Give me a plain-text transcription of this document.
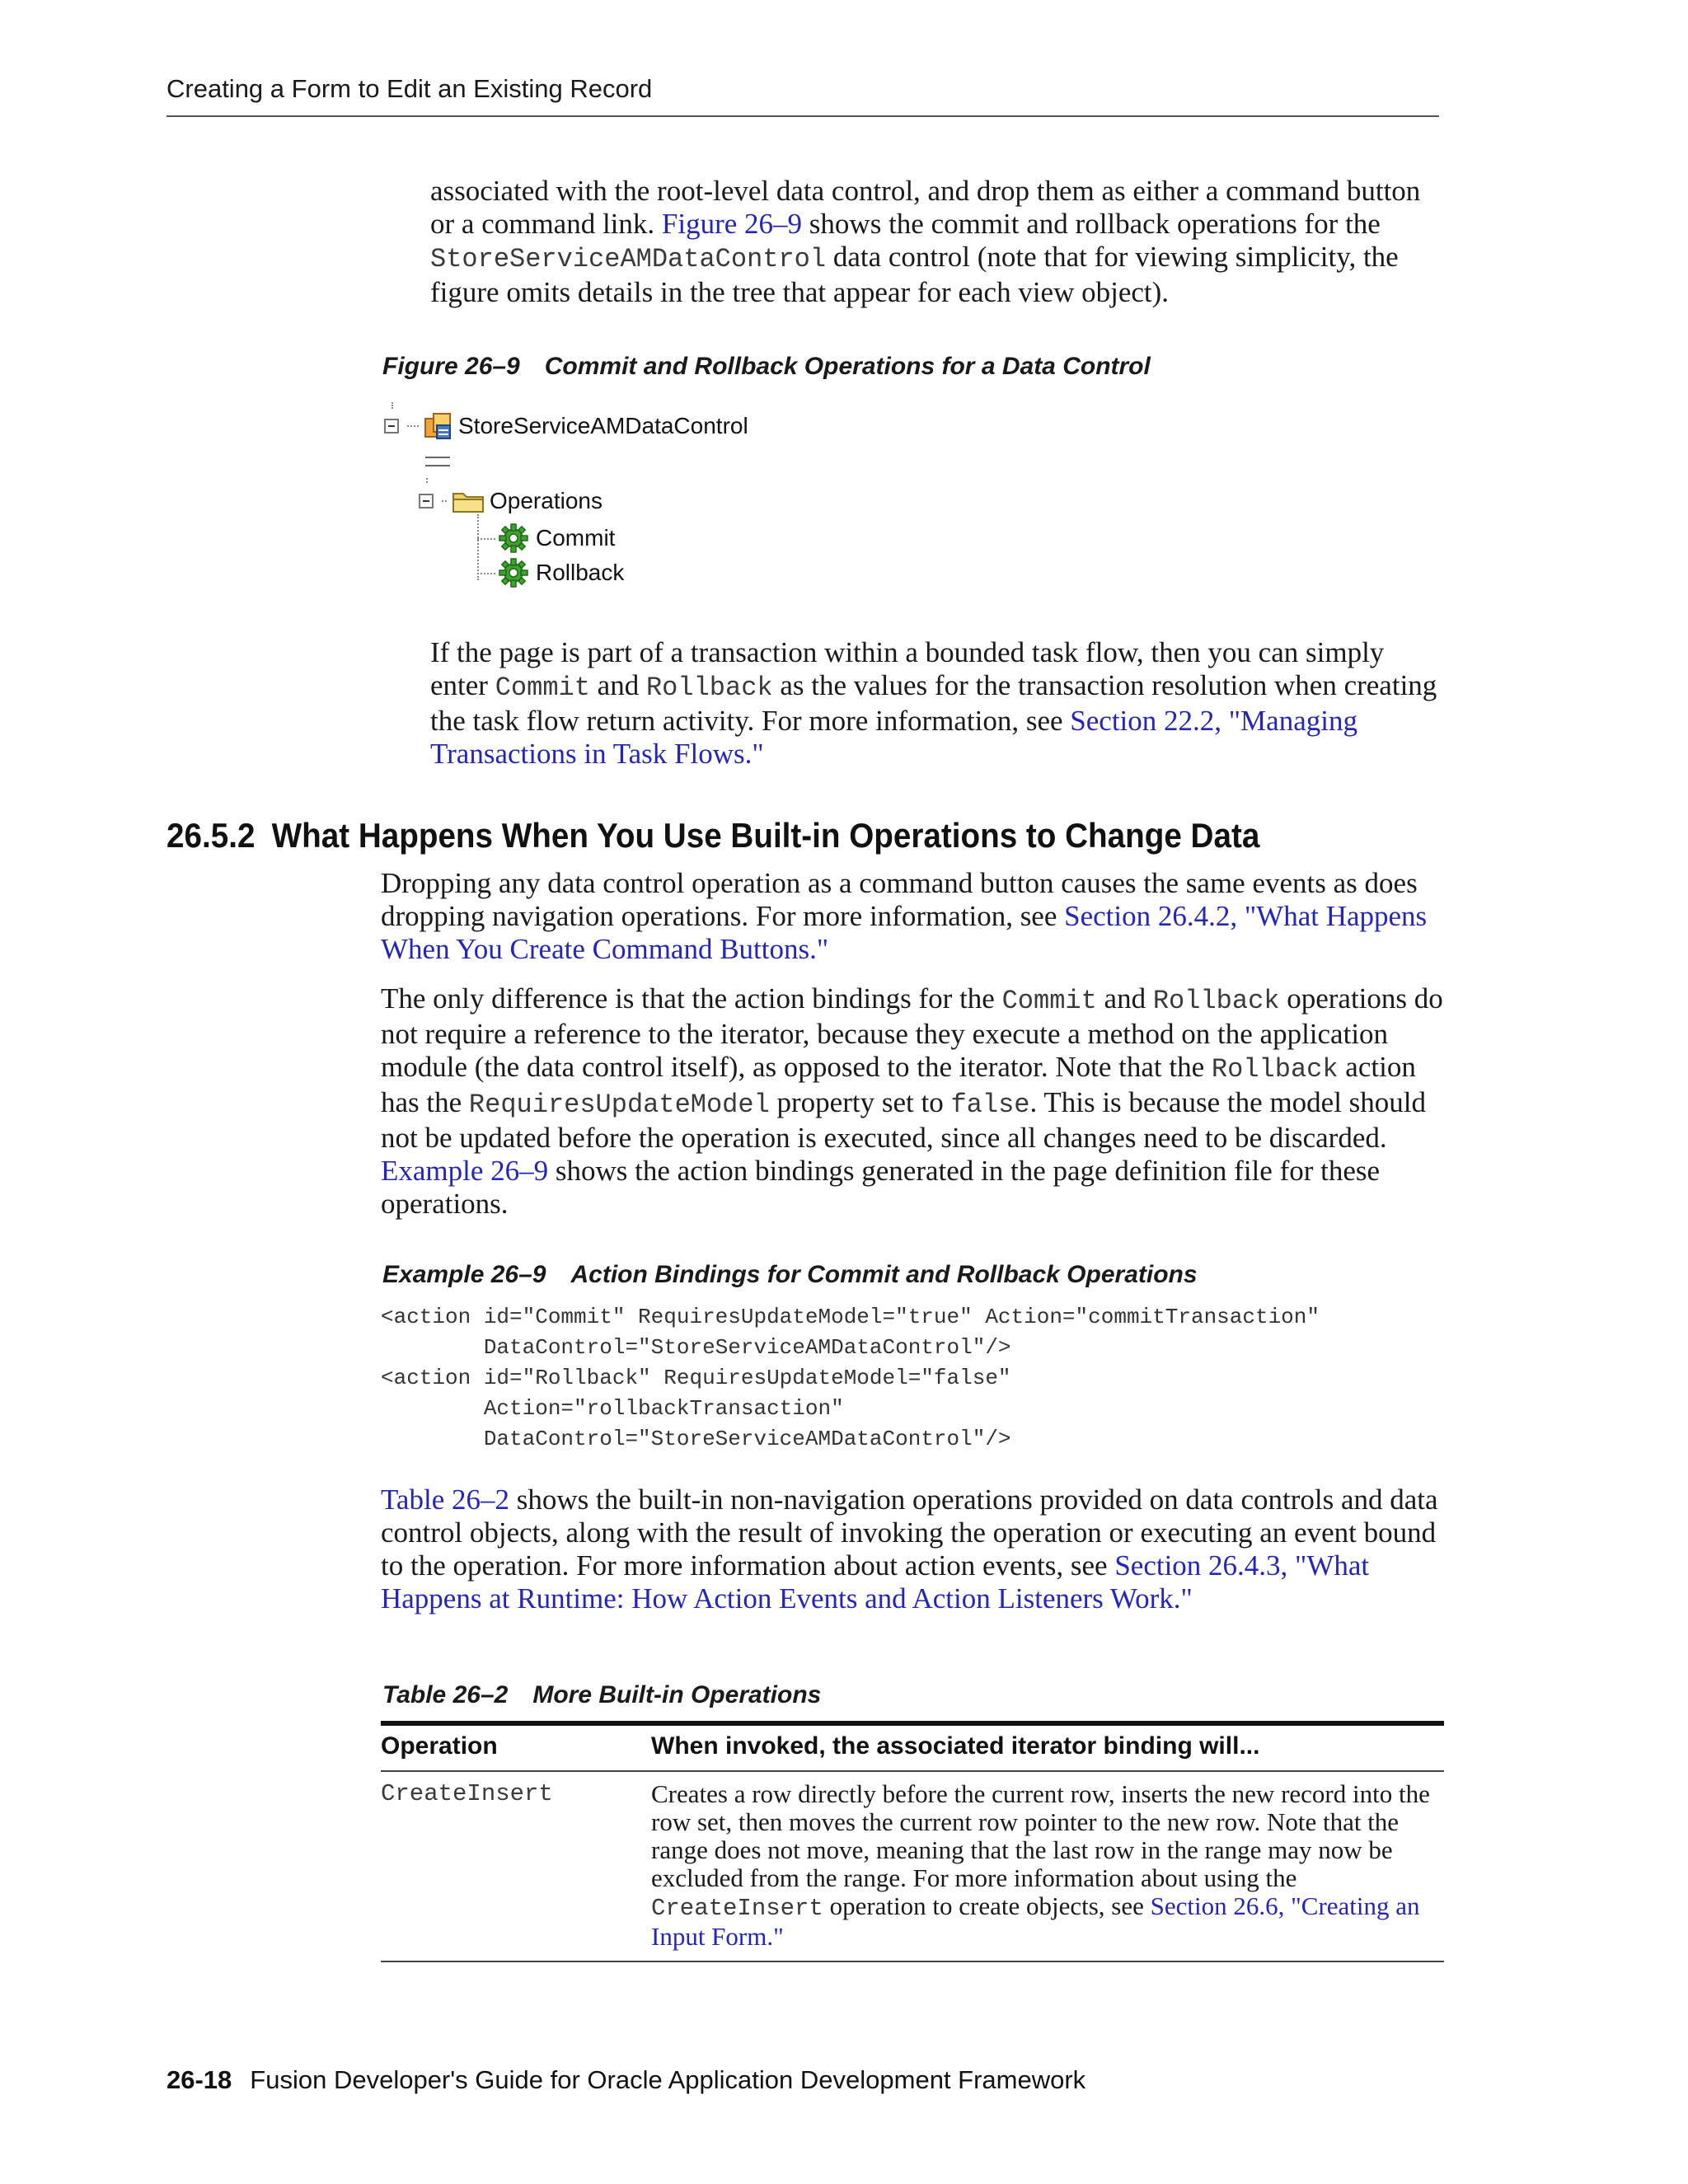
Creating a Form to Edit an Existing Record

associated with the root-level data control, and drop them as either a command button or a command link. Figure 26–9 shows the commit and rollback operations for the StoreServiceAMDataControl data control (note that for viewing simplicity, the figure omits details in the tree that appear for each view object).

Figure 26–9 Commit and Rollback Operations for a Data Control

StoreServiceAMDataControl
Operations
Commit
Rollback

If the page is part of a transaction within a bounded task flow, then you can simply enter Commit and Rollback as the values for the transaction resolution when creating the task flow return activity. For more information, see Section 22.2, "Managing Transactions in Task Flows."

26.5.2 What Happens When You Use Built-in Operations to Change Data

Dropping any data control operation as a command button causes the same events as does dropping navigation operations. For more information, see Section 26.4.2, "What Happens When You Create Command Buttons."

The only difference is that the action bindings for the Commit and Rollback operations do not require a reference to the iterator, because they execute a method on the application module (the data control itself), as opposed to the iterator. Note that the Rollback action has the RequiresUpdateModel property set to false. This is because the model should not be updated before the operation is executed, since all changes need to be discarded. Example 26–9 shows the action bindings generated in the page definition file for these operations.

Example 26–9 Action Bindings for Commit and Rollback Operations

<action id="Commit" RequiresUpdateModel="true" Action="commitTransaction"
DataControl="StoreServiceAMDataControl"/>
<action id="Rollback" RequiresUpdateModel="false"
Action="rollbackTransaction"
DataControl="StoreServiceAMDataControl"/>

Table 26–2 shows the built-in non-navigation operations provided on data controls and data control objects, along with the result of invoking the operation or executing an event bound to the operation. For more information about action events, see Section 26.4.3, "What Happens at Runtime: How Action Events and Action Listeners Work."

Table 26–2 More Built-in Operations

Operation	When invoked, the associated iterator binding will...
CreateInsert	Creates a row directly before the current row, inserts the new record into the row set, then moves the current row pointer to the new row. Note that the range does not move, meaning that the last row in the range may now be excluded from the range. For more information about using the CreateInsert operation to create objects, see Section 26.6, "Creating an Input Form."
26-18 Fusion Developer's Guide for Oracle Application Development Framework
